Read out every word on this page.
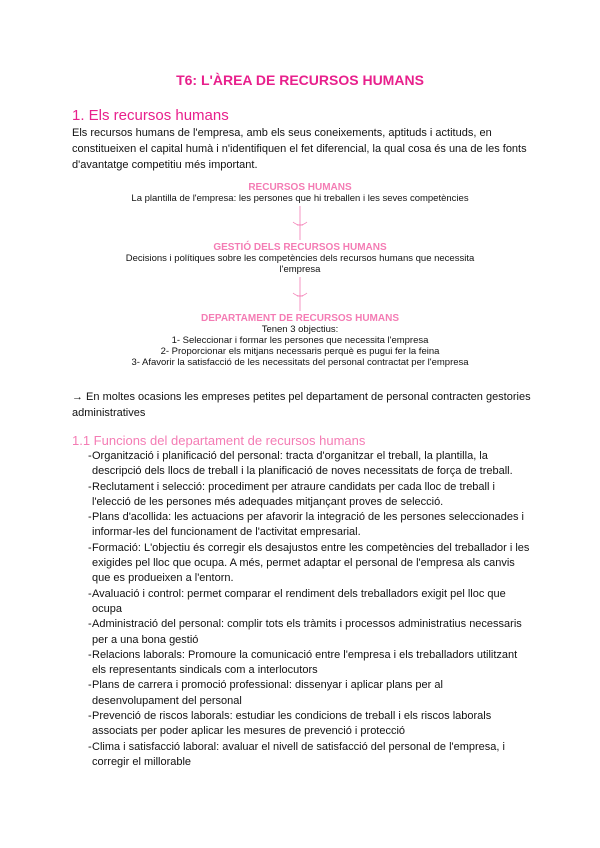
T6: L'ÀREA DE RECURSOS HUMANS
1. Els recursos humans
Els recursos humans de l'empresa, amb els seus coneixements, aptituds i actituds, en constitueixen el capital humà i n'identifiquen el fet diferencial, la qual cosa és una de les fonts d'avantatge competitiu més important.
RECURSOS HUMANS
La plantilla de l'empresa: les persones que hi treballen i les seves competències
GESTIÓ DELS RECURSOS HUMANS
Decisions i polítiques sobre les competències dels recursos humans que necessita l'empresa
DEPARTAMENT DE RECURSOS HUMANS
Tenen 3 objectius:
1- Seleccionar i formar les persones que necessita l'empresa
2- Proporcionar els mitjans necessaris perquè es pugui fer la feina
3- Afavorir la satisfacció de les necessitats del personal contractat per l'empresa
→ En moltes ocasions les empreses petites pel departament de personal contracten gestories administratives
1.1 Funcions del departament de recursos humans
- Organització i planificació del personal: tracta d'organitzar el treball, la plantilla, la descripció dels llocs de treball i la planificació de noves necessitats de força de treball.
- Reclutament i selecció: procediment per atraure candidats per cada lloc de treball i l'elecció de les persones més adequades mitjançant proves de selecció.
- Plans d'acollida: les actuacions per afavorir la integració de les persones seleccionades i informar-les del funcionament de l'activitat empresarial.
- Formació: L'objectiu és corregir els desajustos entre les competències del treballador i les exigides pel lloc que ocupa. A més, permet adaptar el personal de l'empresa als canvis que es produeixen a l'entorn.
- Avaluació i control: permet comparar el rendiment dels treballadors exigit pel lloc que ocupa
- Administració del personal: complir tots els tràmits i processos administratius necessaris per a una bona gestió
- Relacions laborals: Promoure la comunicació entre l'empresa i els treballadors utilitzant els representants sindicals com a interlocutors
- Plans de carrera i promoció professional: dissenyar i aplicar plans per al desenvolupament del personal
- Prevenció de riscos laborals: estudiar les condicions de treball i els riscos laborals associats per poder aplicar les mesures de prevenció i protecció
- Clima i satisfacció laboral: avaluar el nivell de satisfacció del personal de l'empresa, i corregir el millorable
